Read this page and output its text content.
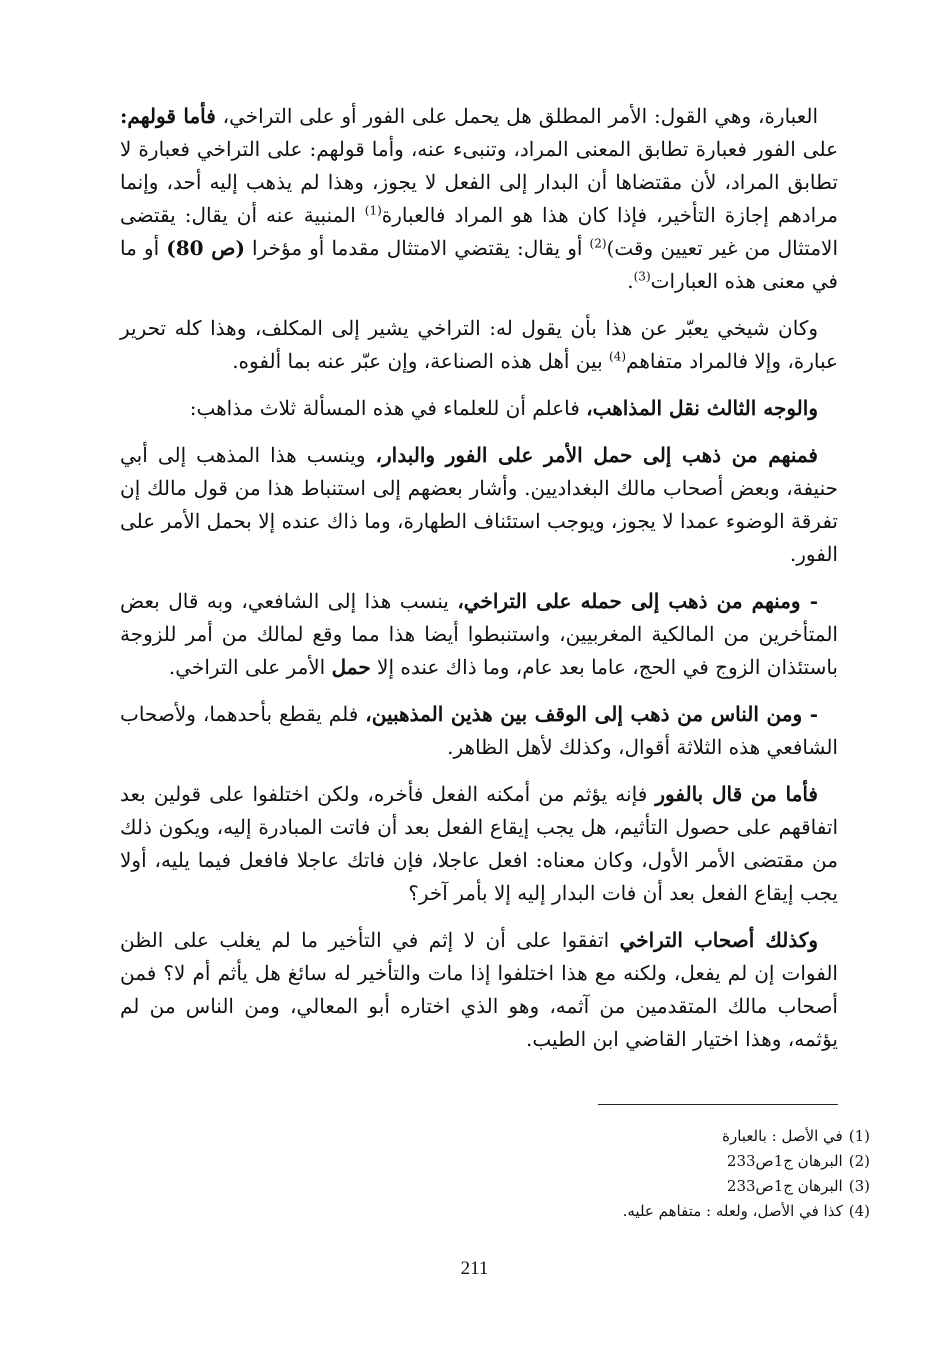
العبارة، وهي القول: الأمر المطلق هل يحمل على الفور أو على التراخي، فأما قولهم: على الفور فعبارة تطابق المعنى المراد، وتنبىء عنه، وأما قولهم: على التراخي فعبارة لا تطابق المراد، لأن مقتضاها أن البدار إلى الفعل لا يجوز، وهذا لم يذهب إليه أحد، وإنما مرادهم إجازة التأخير، فإذا كان هذا هو المراد فالعبارة$^{(1)}$ المنبية عنه أن يقال: يقتضى الامتثال من غير تعيين وقت)$^{(2)}$ أو يقال: يقتضي الامتثال مقدما أو مؤخرا (ص 80) أو ما في معنى هذه العبارات$^{(3)}$.

وكان شيخي يعبّر عن هذا بأن يقول له: التراخي يشير إلى المكلف، وهذا كله تحرير عبارة، وإلا فالمراد متفاهم$^{(4)}$ بين أهل هذه الصناعة، وإن عبّر عنه بما ألفوه.

والوجه الثالث نقل المذاهب، فاعلم أن للعلماء في هذه المسألة ثلاث مذاهب:

فمنهم من ذهب إلى حمل الأمر على الفور والبدار، وينسب هذا المذهب إلى أبي حنيفة، وبعض أصحاب مالك البغداديين. وأشار بعضهم إلى استنباط هذا من قول مالك إن تفرقة الوضوء عمدا لا يجوز، ويوجب استئناف الطهارة، وما ذاك عنده إلا بحمل الأمر على الفور.

- ومنهم من ذهب إلى حمله على التراخي، ينسب هذا إلى الشافعي، وبه قال بعض المتأخرين من المالكية المغربيين، واستنبطوا أيضا هذا مما وقع لمالك من أمر للزوجة باستئذان الزوج في الحج، عاما بعد عام، وما ذاك عنده إلا حمل الأمر على التراخي.

- ومن الناس من ذهب إلى الوقف بين هذين المذهبين، فلم يقطع بأحدهما، ولأصحاب الشافعي هذه الثلاثة أقوال، وكذلك لأهل الظاهر.

فأما من قال بالفور فإنه يؤثم من أمكنه الفعل فأخره، ولكن اختلفوا على قولين بعد اتفاقهم على حصول التأثيم، هل يجب إيقاع الفعل بعد أن فاتت المبادرة إليه، ويكون ذلك من مقتضى الأمر الأول، وكان معناه: افعل عاجلا، فإن فاتك عاجلا فافعل فيما يليه، أولا يجب إيقاع الفعل بعد أن فات البدار إليه إلا بأمر آخر؟

وكذلك أصحاب التراخي اتفقوا على أن لا إثم في التأخير ما لم يغلب على الظن الفوات إن لم يفعل، ولكنه مع هذا اختلفوا إذا مات والتأخير له سائغ هل يأثم أم لا؟ فمن أصحاب مالك المتقدمين من آثمه، وهو الذي اختاره أبو المعالي، ومن الناس من لم يؤثمه، وهذا اختيار القاضي ابن الطيب.

(1)في الأصل : بالعبارة

(2)البرهان ج1ص233

(3)البرهان ج1ص233

(4)كذا في الأصل، ولعله : متفاهم عليه.

211
